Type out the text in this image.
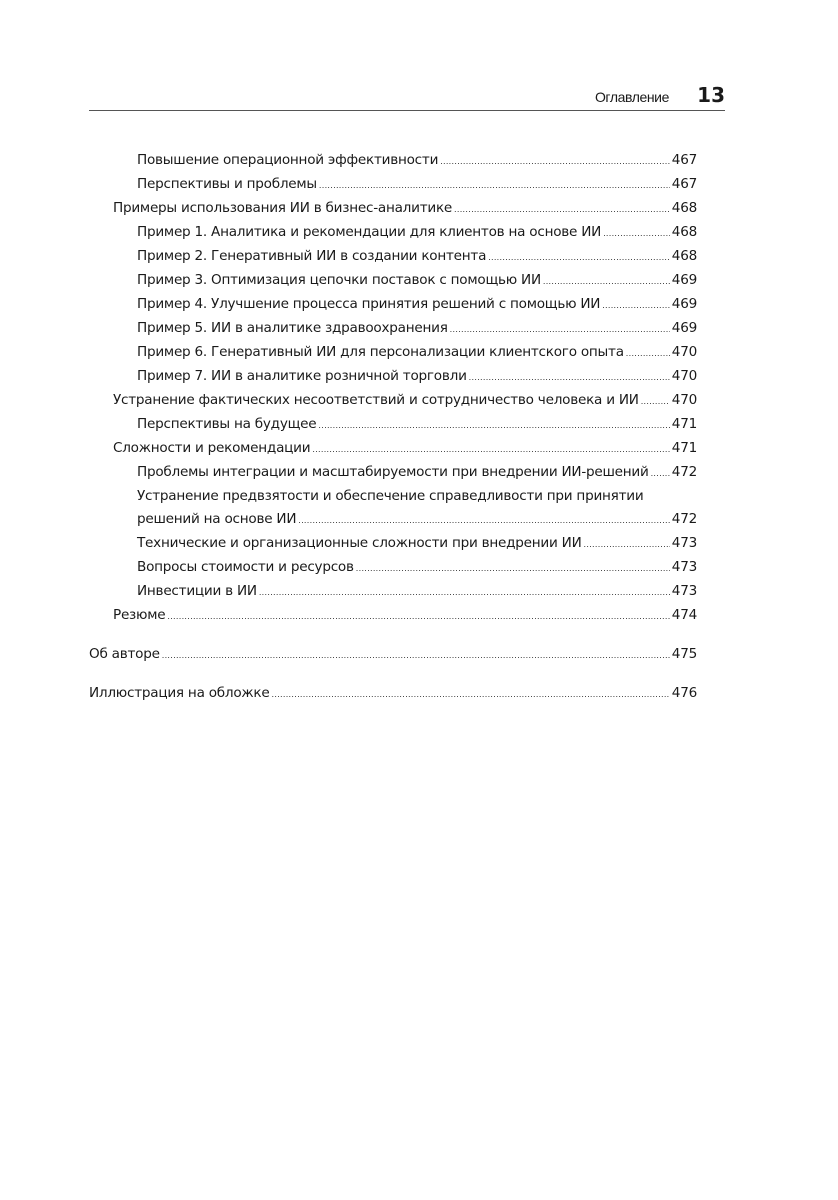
Оглавление 13
Повышение операционной эффективности .....	467
Перспективы и проблемы .....	467
Примеры использования ИИ в бизнес-аналитике .....	468
Пример 1. Аналитика и рекомендации для клиентов на основе ИИ .....	468
Пример 2. Генеративный ИИ в создании контента .....	468
Пример 3. Оптимизация цепочки поставок с помощью ИИ .....	469
Пример 4. Улучшение процесса принятия решений с помощью ИИ .....	469
Пример 5. ИИ в аналитике здравоохранения .....	469
Пример 6. Генеративный ИИ для персонализации клиентского опыта .....	470
Пример 7. ИИ в аналитике розничной торговли .....	470
Устранение фактических несоответствий и сотрудничество человека и ИИ ..... 470
Перспективы на будущее .....	471
Сложности и рекомендации .....	471
Проблемы интеграции и масштабируемости при внедрении ИИ-решений ..... 472
Устранение предвзятости и обеспечение справедливости при принятии
решений на основе ИИ .....	472
Технические и организационные сложности при внедрении ИИ .....	473
Вопросы стоимости и ресурсов .....	473
Инвестиции в ИИ .....	473
Резюме .....	474
Об авторе .....	475
Иллюстрация на обложке .....	476
